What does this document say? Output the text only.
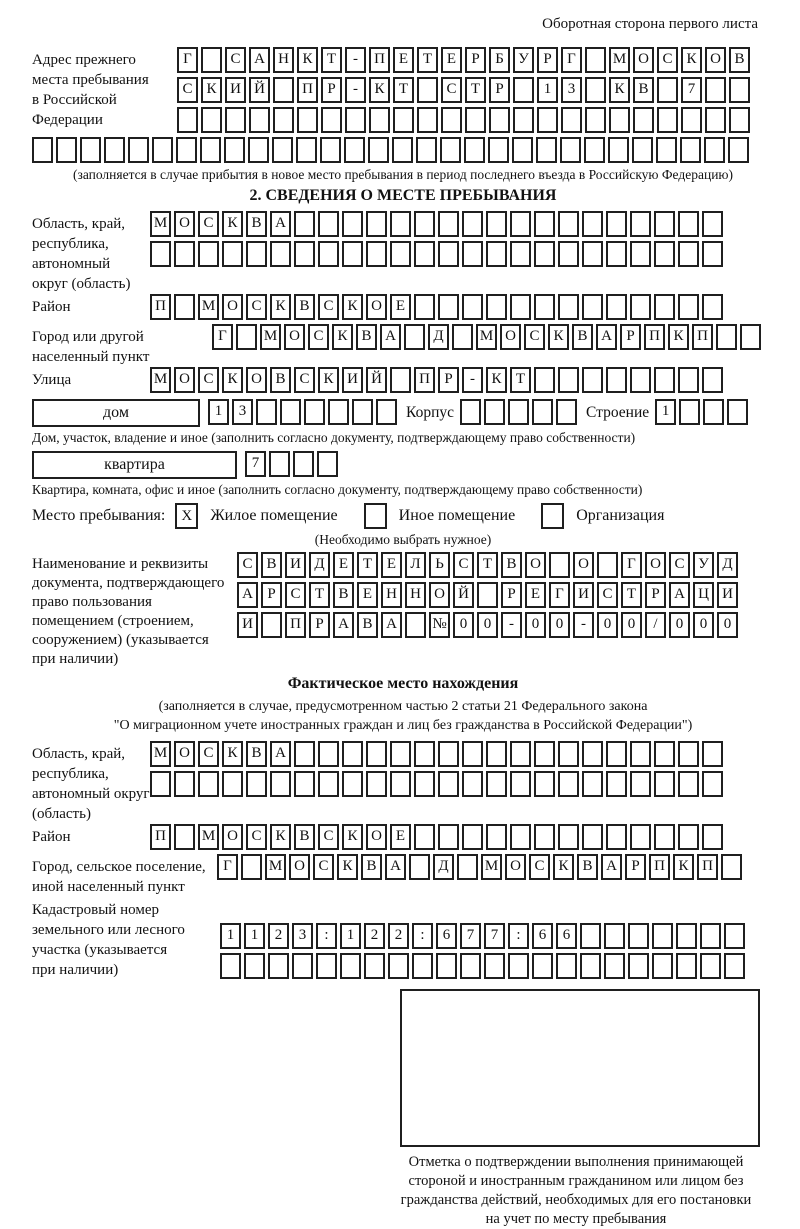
Оборотная сторона первого листа
Адрес прежнего
места пребывания
в Российской
Федерации
Г	С А Н К Т - П Е Т Е Р Б У Р Г М О С К О В
С К И Й П Р - К Т	С Т Р	1 3	К В	7
(заполняется в случае прибытия в новое место пребывания в период последнего въезда в Российскую Федерацию)
2. СВЕДЕНИЯ О МЕСТЕ ПРЕБЫВАНИЯ
Область, край,
республика,
автономный
округ (область)
М О С К В А
Район	П М О С К В С К О Е
Город или другой
населенный пункт
Г М О С К В А Д М О С К В А Р П К П
Улица	М О С К О В С К И Й П Р - К Т
дом	1 3	Корпус	Строение 1
Дом, участок, владение и иное (заполнить согласно документу, подтверждающему право собственности)
квартира	7
Квартира, комната, офис и иное (заполнить согласно документу, подтверждающему право собственности)
Место пребывания:	X	Жилое помещение	Иное помещение	Организация
(Необходимо выбрать нужное)
Наименование и реквизиты
документа, подтверждающего
право пользования
помещением (строением,
сооружением) (указывается
при наличии)
С В И Д Е Т Е Л Ь С Т В О О	Г О С У Д
А Р С Т В Е Н Н О Й	Р Е Г И С Т Р А Ц И
И П Р А В А № 0 0 - 0 0 - 0 0 / 0 0 0
Фактическое место нахождения
(заполняется в случае, предусмотренном частью 2 статьи 21 Федерального закона
"О миграционном учете иностранных граждан и лиц без гражданства в Российской Федерации")
Область, край,
республика,
автономный округ
(область)
М О С К В А
Район	П М О С К В С К О Е
Город, сельское поселение,
иной населенный пункт
Г М О С К В А Д М О С К В А Р П К П
Кадастровый номер
земельного или лесного
участка (указывается
при наличии)
1 1 2 3 : 1 2 2 : 6 7 7 : 6 6
Отметка о подтверждении выполнения принимающей
стороной и иностранным гражданином или лицом без
гражданства действий, необходимых для его постановки
на учет по месту пребывания
